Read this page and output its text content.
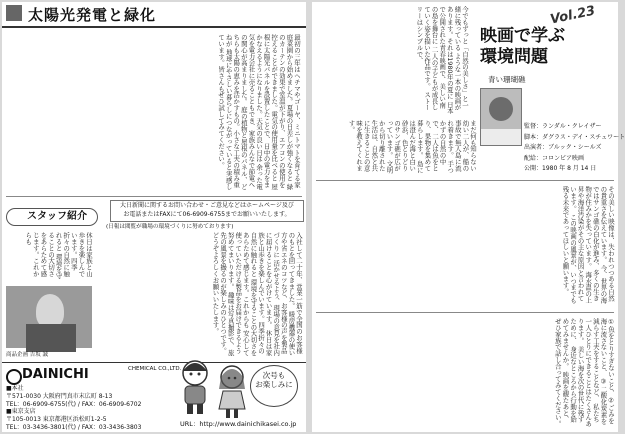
太陽光発電と緑化
最初の三年はヘチマやゴーヤ、ミニトマトを育てる家庭菜園から始めました。夏場の日差しが強くなると 緑のカーテンの効果で室温が下がり、エアコンの使用を控えることができました。電気の使用量を比べると 屋根に太陽光パネルを設置したことで、日中の電力をまかなえるようになりました。天気の良い日は 余った電気を電力会社に売ることもでき、家族みんなで節電への関心が高まりました。 庭の植物と屋根のパネル、どちらも太陽の恵みを活かすもの。小さな工夫の積み重ねが 地球にやさしい暮らしにつながっていると実感しています。皆さんもぜひ試してみてください。
スタッフ紹介
大日新聞に関するお問い合わせ・ご意見などはホームページ及び
お電話またはFAXにて06-6909-6755までお願いいたします。
(日報は閲覧が職場の環境づくりに努めております)
入社して二十年、営業一筋で全国のお客様のもとを回ってきました。 暖房機器の使い方や省エネのコツなど、お客様の声を製品づくりに 活かせるよう、現場の意見を社内に届けることを心がけています。 休日は家族と山歩きを楽しんでいます。四季折々の自然に触れると 環境を守ることの大切さをあらためて感じます。これからも 安心して使っていただける製品をお届けできるよう努めてまいります。 趣味は写真撮影で、旅先の風景を撮るのが楽しみのひとつです。 どうぞよろしくお願いいたします。
休日は家族と山歩きを楽しんでいます。四季折々の自然に触れると 環境を守ることの大切さをあらためて感じます。これからも
商品企画 吉坂 誠
DAINICHI	CHEMICAL CO.,LTD.
■本社
〒571-0030 大阪府門真市末広町 8-13
TEL：06-6909-6755(代) / FAX：06-6909-6702
■東京支店
〒105-0013 東京都港区浜松町1-2-5
TEL：03-3436-3801(代) / FAX：03-3436-3803
次号も
お楽しみに
URL：http://www.dainichikasei.co.jp
今でもずっと「自然の美しさ」と一緒に残っている ような一本の映画があります。それは1980年の夏に 日本で公開された青春映画で、美しい南の島を舞台に 二人の子どもが成長していく姿を描いた作品です。 ストーリーはシンプルで、	Vol.23
映画で学ぶ
環境問題
青い珊瑚礁
監督：ランダル・クレイザー
脚本：ダグラス・デイ・スチュワート
出演者：ブルック・シールズ
配給：コロンビア映画
公開：1980 年 8 月 14 日
まだ何も知らない幼い二人が、船の事故で無人島に流れ着きます。 手つかずの自然の中で、二人は魚をとり、果物を集めて暮らします。 島には澄んだ海と白い砂浜、色とりどりのサンゴ礁が広がっています。 文明から切り離された生活は、自然と共に生きることの意味を教えてくれます。
その美しい映像は、失われつつある自然の貴重さを伝えています。 今、世界の海ではサンゴ礁の白化が進み、多くの生き物が住みかを失っています。 海水温の上昇や海洋汚染がその主な原因と言われています。 この映画の風景が、いつまでも残る未来であってほしいと願います。
①魚をとりすぎないこと、②ごみを海に流さないこと、 ③二酸化炭素を減らす工夫をすることなど、 私たち一人ひとりにできることはたくさんあります。 美しい海を次の世代に残すために、 身近なところから行動を始めてみませんか。 映画を観たあと、ぜひ家族で話し合ってみてください。
